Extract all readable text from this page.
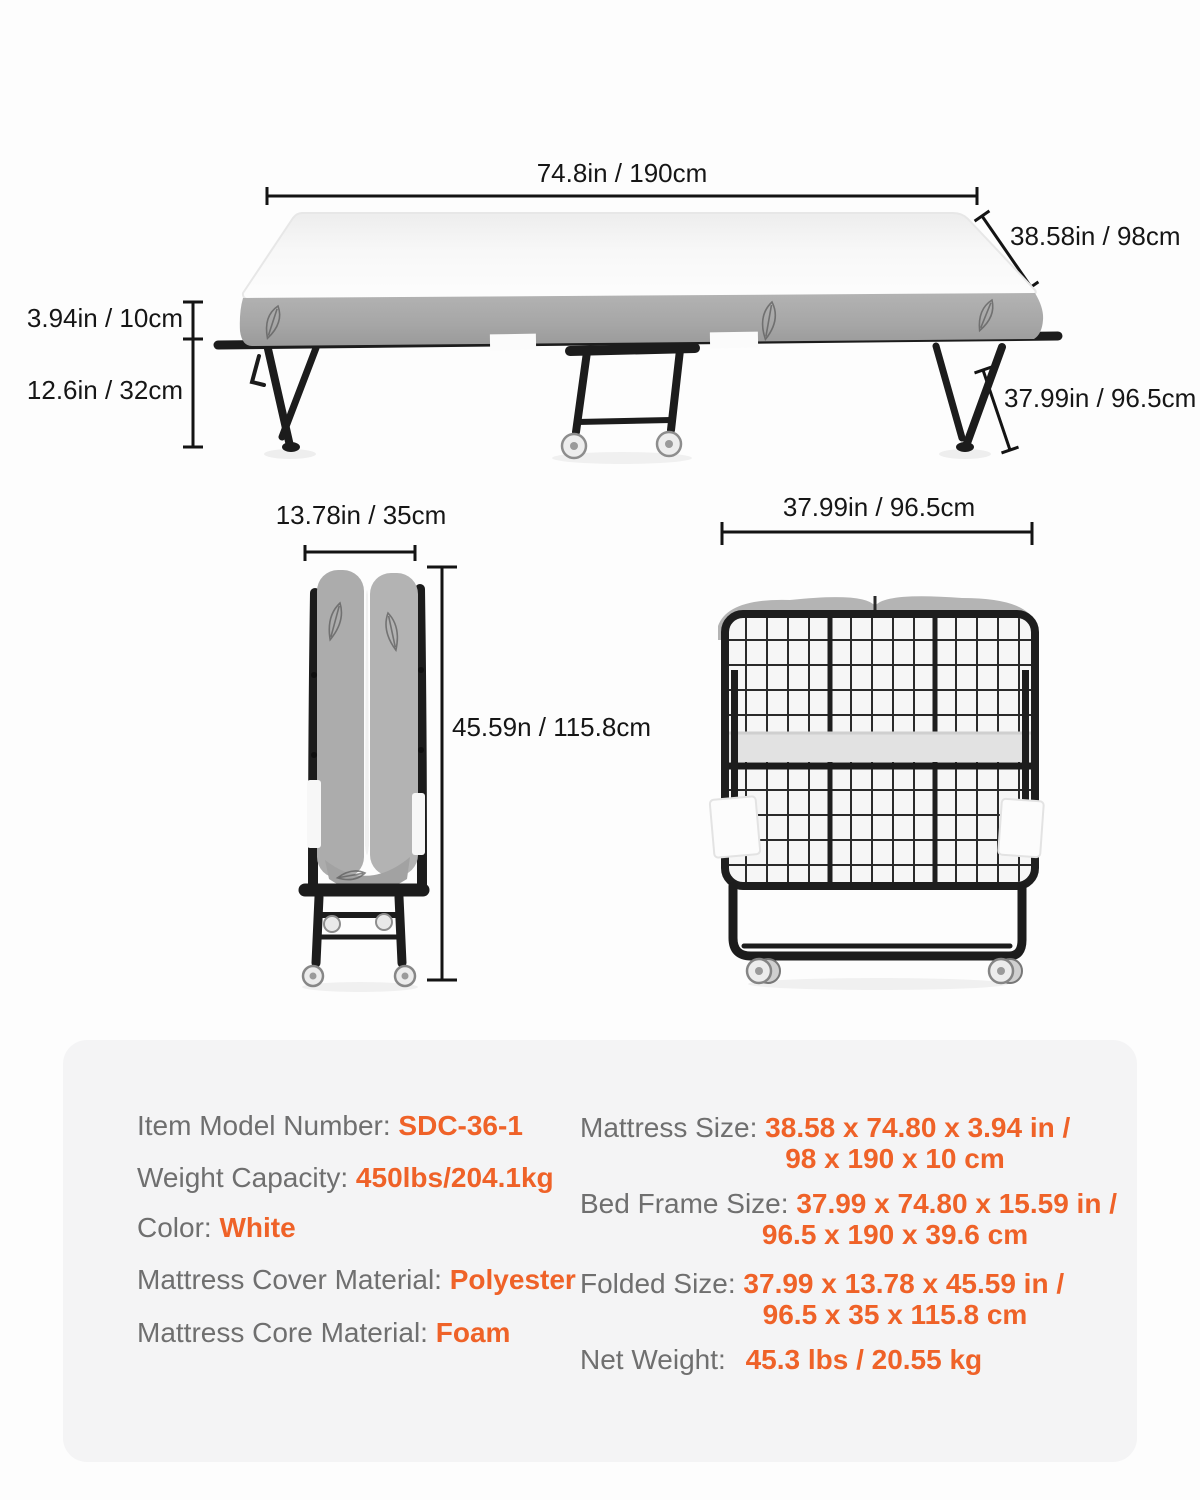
74.8in / 190cm
38.58in / 98cm
3.94in / 10cm
12.6in / 32cm	37.99in / 96.5cm
13.78in / 35cm
45.59n / 115.8cm
37.99in / 96.5cm
Item Model Number: SDC-36-1
Weight Capacity: 450lbs/204.1kg
Color: White
Mattress Cover Material: Polyester
Mattress Core Material: Foam
Mattress Size: 38.58 x 74.80 x 3.94 in /
98 x 190 x 10 cm
Bed Frame Size: 37.99 x 74.80 x 15.59 in /
96.5 x 190 x 39.6 cm
Folded Size: 37.99 x 13.78 x 45.59 in /
96.5 x 35 x 115.8 cm
Net Weight: 45.3 lbs / 20.55 kg
